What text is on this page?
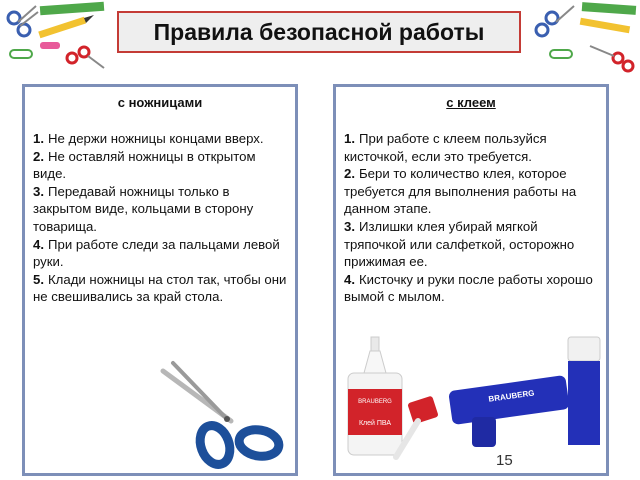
Правила безопасной работы
с ножницами

1. Не держи ножницы концами вверх.

2. Не оставляй ножницы в открытом виде.

3. Передавай ножницы только в закрытом виде, кольцами в сторону товарища.

4. При работе следи за пальцами левой руки.

5. Клади ножницы на стол так, чтобы они не свешивались за край стола.

с клеем

1. При работе с клеем пользуйся кисточкой, если это требуется.

2. Бери то количество клея, которое требуется для выполнения работы на данном этапе.

3. Излишки клея убирай мягкой тряпочкой или салфеткой, осторожно прижимая ее.

4. Кисточку и руки после работы хорошо вымой с мылом.

BRAUBERG
Клей ПВА
BRAUBERG
15
